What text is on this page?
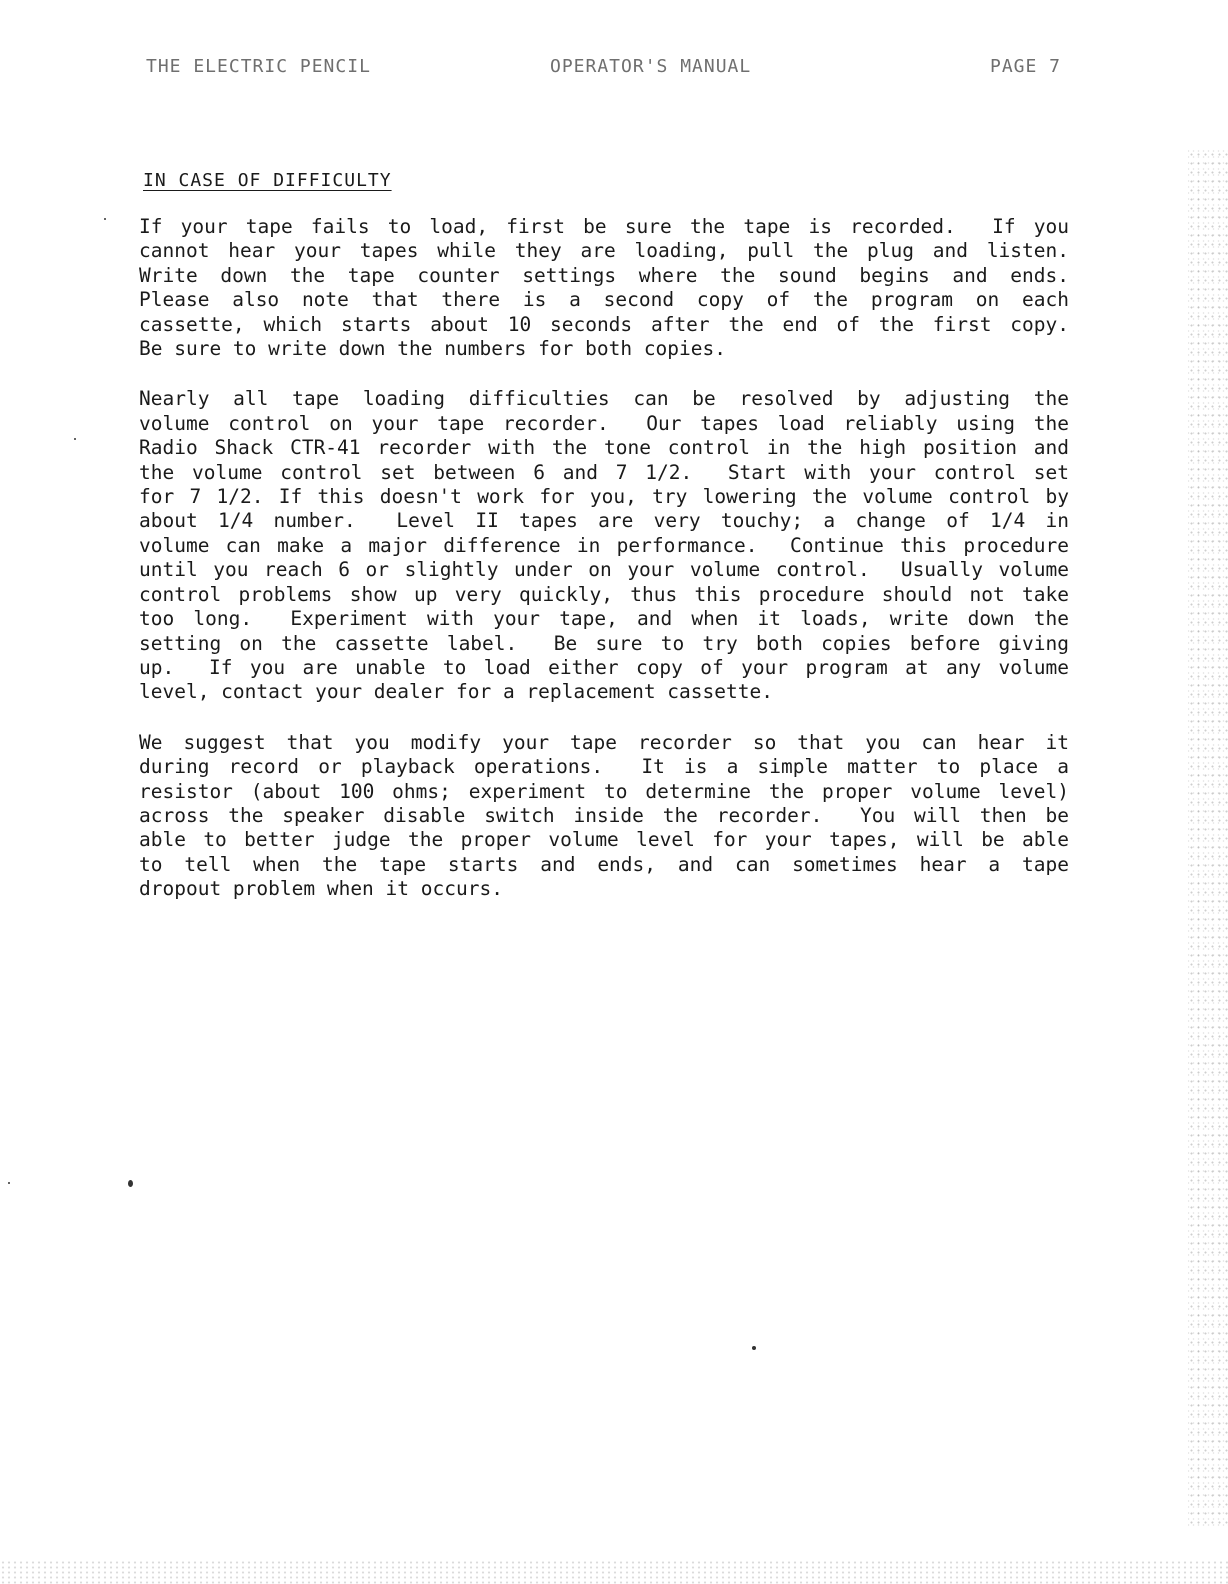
THE ELECTRIC PENCIL	OPERATOR'S MANUAL	PAGE 7
IN CASE OF DIFFICULTY
If your tape fails to load, first be sure the tape is recorded.  If you
cannot hear your tapes while they are loading, pull the plug and listen.
Write down the tape counter settings where the sound begins and ends.
Please also note that there is a second copy of the program on each
cassette, which starts about 10 seconds after the end of the first copy.
Be sure to write down the numbers for both copies.
Nearly all tape loading difficulties can be resolved by adjusting the
volume control on your tape recorder.  Our tapes load reliably using the
Radio Shack CTR-41 recorder with the tone control in the high position and
the volume control set between 6 and 7 1/2.  Start with your control set
for 7 1/2. If this doesn't work for you, try lowering the volume control by
about 1/4 number.  Level II tapes are very touchy; a change of 1/4 in
volume can make a major difference in performance.  Continue this procedure
until you reach 6 or slightly under on your volume control.  Usually volume
control problems show up very quickly, thus this procedure should not take
too long.  Experiment with your tape, and when it loads, write down the
setting on the cassette label.  Be sure to try both copies before giving
up.  If you are unable to load either copy of your program at any volume
level, contact your dealer for a replacement cassette.
We suggest that you modify your tape recorder so that you can hear it
during record or playback operations.  It is a simple matter to place a
resistor (about 100 ohms; experiment to determine the proper volume level)
across the speaker disable switch inside the recorder.  You will then be
able to better judge the proper volume level for your tapes, will be able
to tell when the tape starts and ends, and can sometimes hear a tape
dropout problem when it occurs.
